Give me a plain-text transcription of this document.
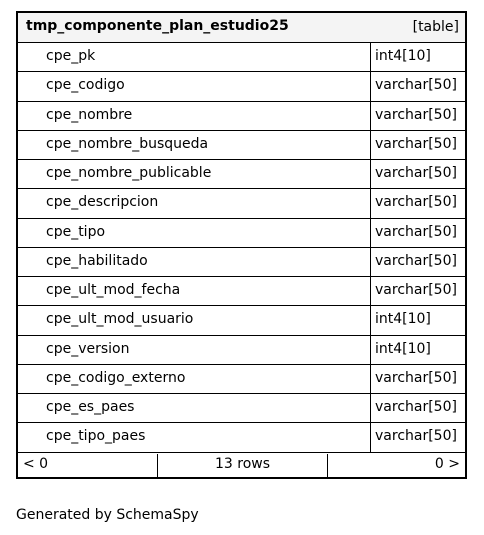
tmp_componente_plan_estudio25	[table]
cpe_pk	int4[10]
cpe_codigo	varchar[50]
cpe_nombre	varchar[50]
cpe_nombre_busqueda	varchar[50]
cpe_nombre_publicable	varchar[50]
cpe_descripcion	varchar[50]
cpe_tipo	varchar[50]
cpe_habilitado	varchar[50]
cpe_ult_mod_fecha	varchar[50]
cpe_ult_mod_usuario	int4[10]
cpe_version	int4[10]
cpe_codigo_externo	varchar[50]
cpe_es_paes	varchar[50]
cpe_tipo_paes	varchar[50]
< 0	13 rows	0 >
Generated by SchemaSpy
